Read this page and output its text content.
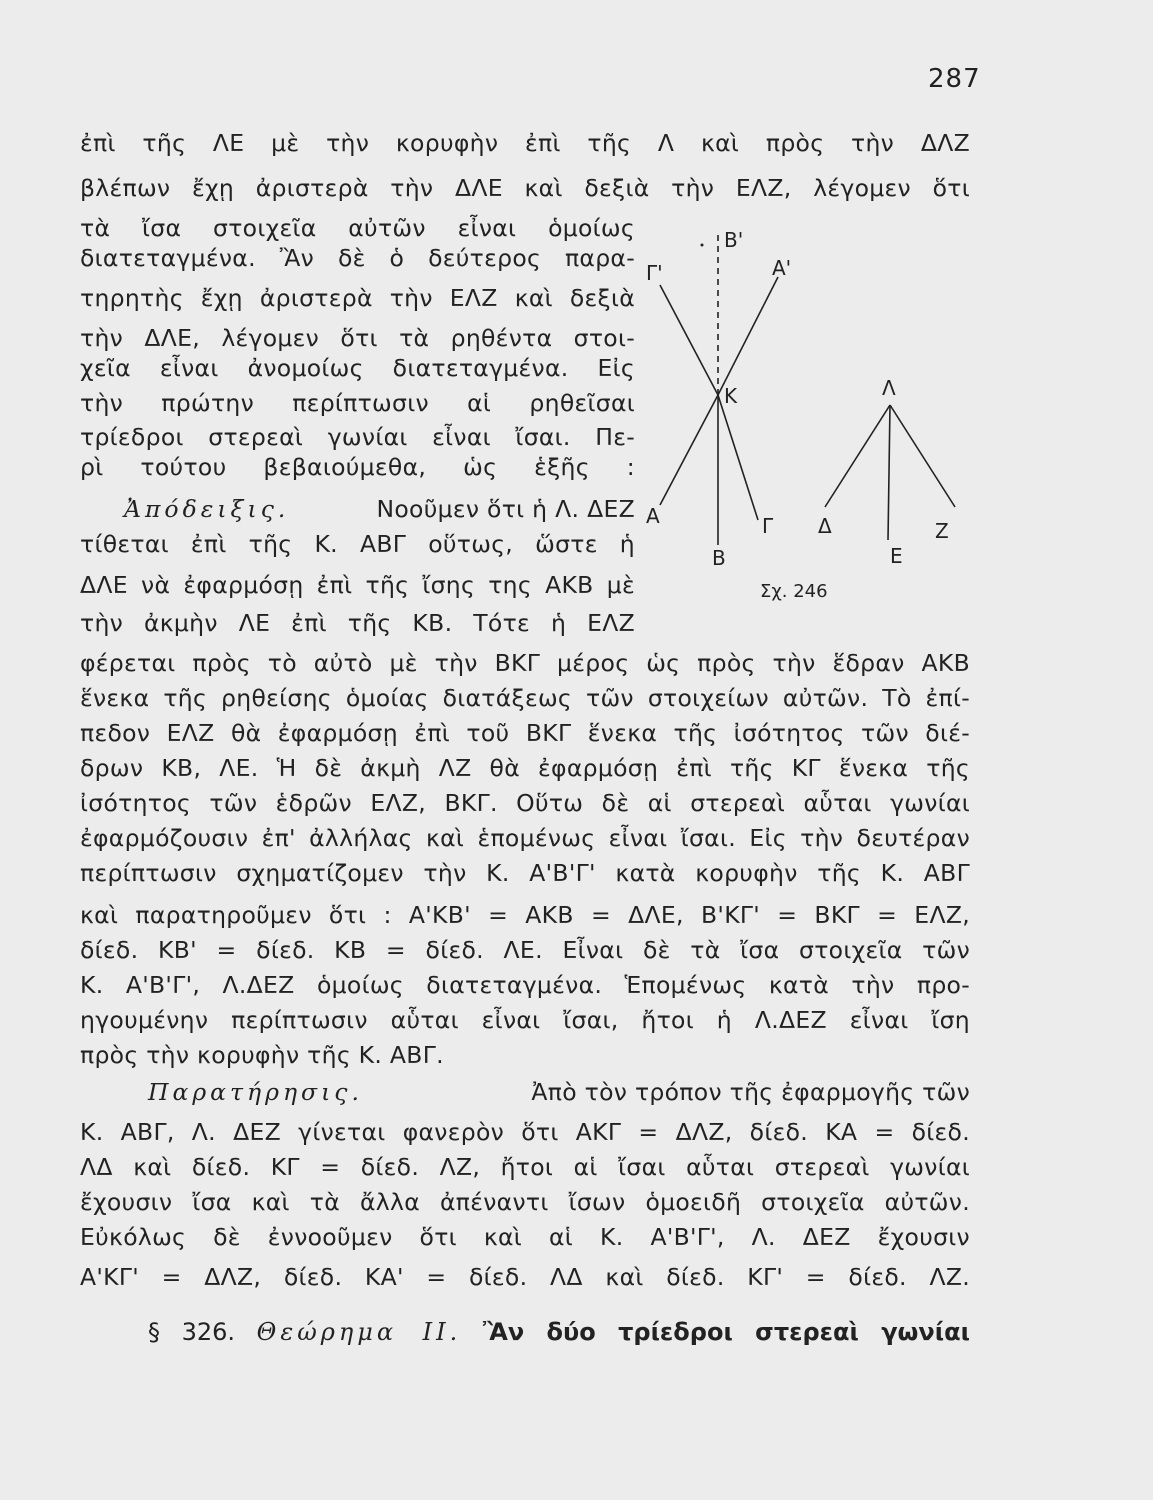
287
ἐπὶ τῆς ΛΕ μὲ τὴν κορυφὴν ἐπὶ τῆς Λ καὶ πρὸς τὴν ΔΛΖ
βλέπων ἔχῃ ἀριστερὰ τὴν ΔΛΕ καὶ δεξιὰ τὴν ΕΛΖ, λέγομεν ὅτι
τὰ ἴσα στοιχεῖα αὐτῶν εἶναι ὁμοίως
διατεταγμένα. Ἂν δὲ ὁ δεύτερος παρα-
τηρητὴς ἔχῃ ἀριστερὰ τὴν ΕΛΖ καὶ δεξιὰ
τὴν ΔΛΕ, λέγομεν ὅτι τὰ ρηθέντα στοι-
χεῖα εἶναι ἀνομοίως διατεταγμένα. Εἰς
τὴν πρώτην περίπτωσιν αἱ ρηθεῖσαι
τρίεδροι στερεαὶ γωνίαι εἶναι ἴσαι. Πε-
ρὶ τούτου βεβαιούμεθα, ὡς ἑξῆς :
Ἀπόδειξις.	Νοοῦμεν ὅτι ἡ Λ. ΔΕΖ
τίθεται ἐπὶ τῆς Κ. ΑΒΓ οὕτως, ὥστε ἡ
ΔΛΕ νὰ ἐφαρμόσῃ ἐπὶ τῆς ἴσης της ΑΚΒ μὲ
τὴν ἀκμὴν ΛΕ ἐπὶ τῆς ΚΒ. Τότε ἡ ΕΛΖ
φέρεται πρὸς τὸ αὐτὸ μὲ τὴν ΒΚΓ μέρος ὡς πρὸς τὴν ἕδραν ΑΚΒ
ἕνεκα τῆς ρηθείσης ὁμοίας διατάξεως τῶν στοιχείων αὐτῶν. Τὸ ἐπί-
πεδον ΕΛΖ θὰ ἐφαρμόσῃ ἐπὶ τοῦ ΒΚΓ ἕνεκα τῆς ἰσότητος τῶν διέ-
δρων ΚΒ, ΛΕ. Ἡ δὲ ἀκμὴ ΛΖ θὰ ἐφαρμόσῃ ἐπὶ τῆς ΚΓ ἕνεκα τῆς
ἰσότητος τῶν ἑδρῶν ΕΛΖ, ΒΚΓ. Οὕτω δὲ αἱ στερεαὶ αὗται γωνίαι
ἐφαρμόζουσιν ἐπ' ἀλλήλας καὶ ἑπομένως εἶναι ἴσαι. Εἰς τὴν δευτέραν
περίπτωσιν σχηματίζομεν τὴν Κ. Α'Β'Γ' κατὰ κορυφὴν τῆς Κ. ΑΒΓ
καὶ παρατηροῦμεν ὅτι : Α'ΚΒ' = ΑΚΒ = ΔΛΕ, Β'ΚΓ' = ΒΚΓ = ΕΛΖ,
δίεδ. ΚΒ' = δίεδ. ΚΒ = δίεδ. ΛΕ. Εἶναι δὲ τὰ ἴσα στοιχεῖα τῶν
Κ. Α'Β'Γ', Λ.ΔΕΖ ὁμοίως διατεταγμένα. Ἑπομένως κατὰ τὴν προ-
ηγουμένην περίπτωσιν αὗται εἶναι ἴσαι, ἤτοι ἡ Λ.ΔΕΖ εἶναι ἴση
πρὸς τὴν κορυφὴν τῆς Κ. ΑΒΓ.
Παρατήρησις.	Ἀπὸ τὸν τρόπον τῆς ἐφαρμογῆς τῶν
Κ. ΑΒΓ, Λ. ΔΕΖ γίνεται φανερὸν ὅτι ΑΚΓ = ΔΛΖ, δίεδ. ΚΑ = δίεδ.
ΛΔ καὶ δίεδ. ΚΓ = δίεδ. ΛΖ, ἤτοι αἱ ἴσαι αὗται στερεαὶ γωνίαι
ἔχουσιν ἴσα καὶ τὰ ἄλλα ἀπέναντι ἴσων ὁμοειδῆ στοιχεῖα αὐτῶν.
Εὐκόλως δὲ ἐννοοῦμεν ὅτι καὶ αἱ Κ. Α'Β'Γ', Λ. ΔΕΖ ἔχουσιν
Α'ΚΓ' = ΔΛΖ, δίεδ. ΚΑ' = δίεδ. ΛΔ καὶ δίεδ. ΚΓ' = δίεδ. ΛΖ.
§ 326. Θεώρημα ΙΙ. Ἂν δύο τρίεδροι στερεαὶ γωνίαι
Β'
Γ'	Α'
Κ
Α
Β
Γ
Λ
Δ
Ε
Ζ
Σχ. 246
